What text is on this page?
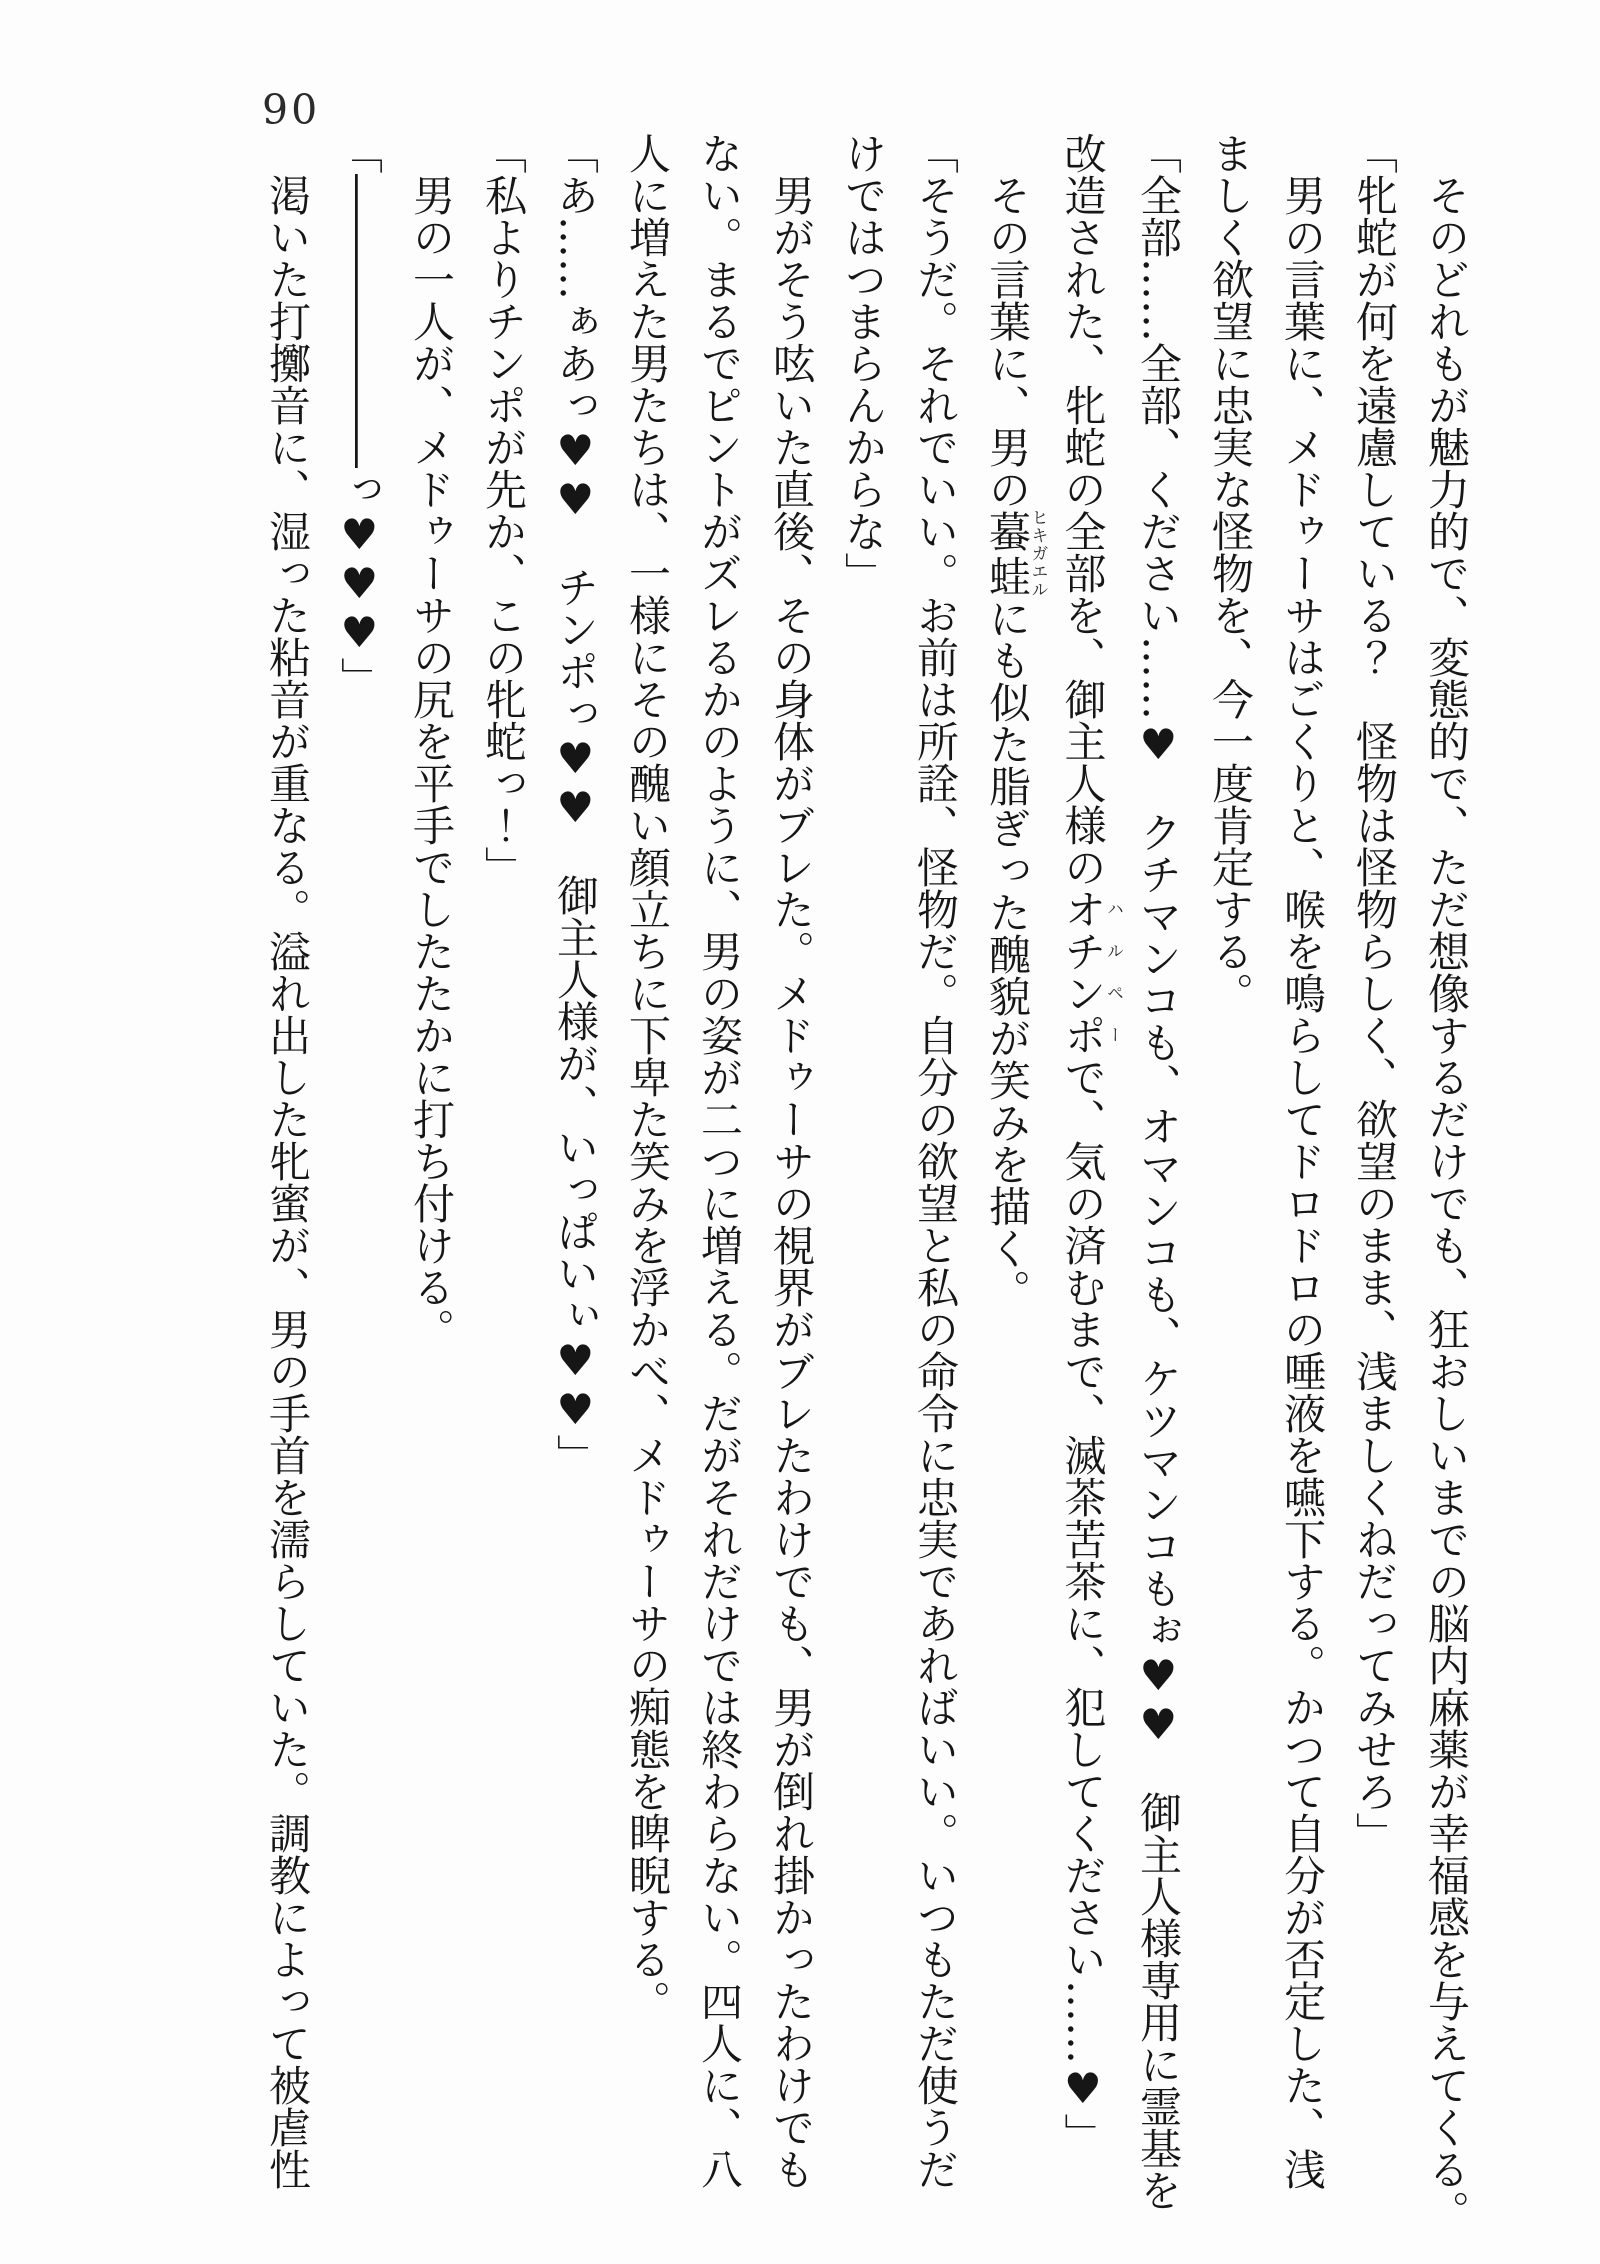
90
　そのどれもが魅力的で、変態的で、ただ想像するだけでも、狂おしいまでの脳内麻薬が幸福感を与えてくる。
「牝蛇が何を遠慮している？　怪物は怪物らしく、欲望のまま、浅ましくねだってみせろ」
　男の言葉に、メドゥーサはごくりと、喉を鳴らしてドロドロの唾液を嚥下する。かつて自分が否定した、浅
ましく欲望に忠実な怪物を、今一度肯定する。
「全部……全部、ください……♥　クチマンコも、オマンコも、ケツマンコもぉ♥♥　御主人様専用に霊基を
改造された、牝蛇の全部を、御主人様のオチンポハルペーで、気の済むまで、滅茶苦茶に、犯してください……♥」
　その言葉に、男の蟇蛙ヒキガエルにも似た脂ぎった醜貌が笑みを描く。
「そうだ。それでいい。お前は所詮、怪物だ。自分の欲望と私の命令に忠実であればいい。いつもただ使うだ
けではつまらんからな」
　男がそう呟いた直後、その身体がブレた。メドゥーサの視界がブレたわけでも、男が倒れ掛かったわけでも
ない。まるでピントがズレるかのように、男の姿が二つに増える。だがそれだけでは終わらない。四人に、八
人に増えた男たちは、一様にその醜い顔立ちに下卑た笑みを浮かべ、メドゥーサの痴態を睥睨する。
「あ……ぁあっ♥♥　チンポっ♥♥　御主人様が、いっぱいぃ♥♥」
「私よりチンポが先か、この牝蛇っ！」
　男の一人が、メドゥーサの尻を平手でしたたかに打ち付ける。
「―――――――っ♥♥♥」
　渇いた打擲音に、湿った粘音が重なる。溢れ出した牝蜜が、男の手首を濡らしていた。調教によって被虐性
